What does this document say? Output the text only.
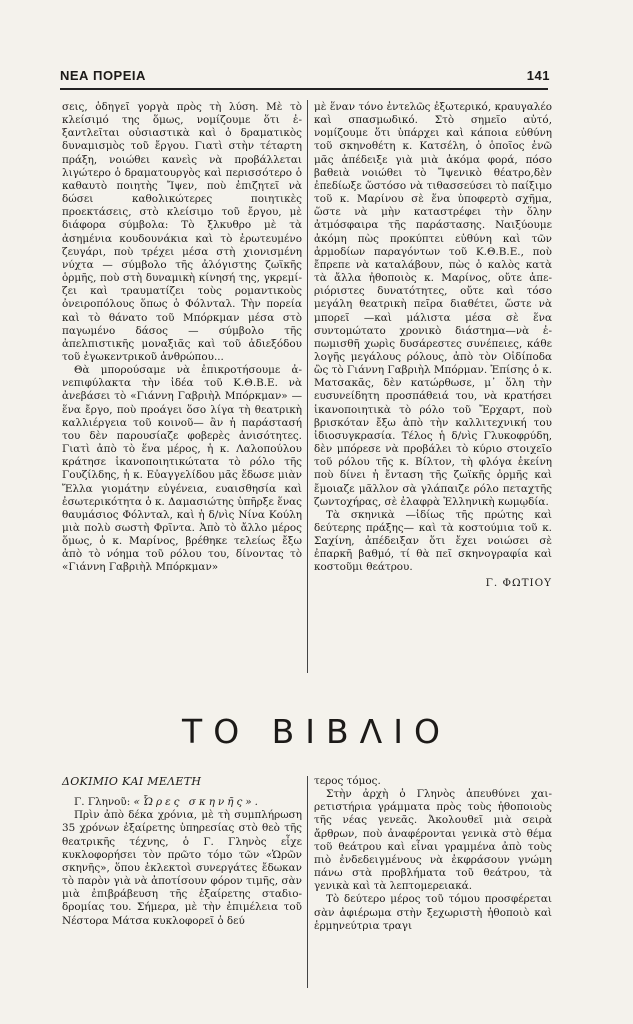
ΝΕΑ ΠΟΡΕΙΑ	141

σεις, ὁδηγεῖ γοργὰ πρὸς τὴ λύση. Μὲ τὸ κλείσιμό της ὅμως, νομίζουμε ὅτι ἐξαντλεῖται οὐσιαστικὰ καὶ ὁ δραματικὸς δυναμισμὸς τοῦ ἔργου. Γιατὶ στὴν τέταρτη πράξη, νοιώθει κανεὶς νὰ προβάλλεται λιγώτερο ὁ δραματουργὸς καὶ περισσότερο ὁ καθαυτὸ ποιητὴς Ἴψεν, ποὺ ἐπιζητεῖ νὰ δώσει καθολικώτερες ποιητικὲς προεκτάσεις, στὸ κλείσιμο τοῦ ἔργου, μὲ διάφορα σύμβολα: Τὸ ξλκυθρο μὲ τὰ ἀσημένια κουδουνάκια καὶ τὸ ἐρωτευμένο ζευγάρι, ποὺ τρέχει μέσα στὴ χιονισμένη νύχτα — σύμβολο τῆς ἀλόγιστης ζωϊκῆς ὁρμῆς, ποὺ στὴ δυναμικὴ κίνησή της, γκρεμίζει καὶ τραυματίζει τοὺς ρομαντικοὺς ὀνειροπόλους ὅπως ὁ Φόλνταλ. Τὴν πορεία καὶ τὸ θάνατο τοῦ Μπόρκμαν μέσα στὸ παγωμένο δάσος — σύμβολο τῆς ἀπελπιστικῆς μοναξιᾶς καὶ τοῦ ἀδιεξόδου τοῦ ἐγωκεντρικοῦ ἀνθρώπου...

Θὰ μπορούσαμε νὰ ἐπικροτήσουμε ἀνεπιφύλακτα τὴν ἰδέα τοῦ Κ.Θ.Β.Ε. νὰ ἀνεβάσει τὸ «Γιάννη Γαβριὴλ Μπόρκμαν» —ἕνα ἔργο, ποὺ προάγει ὅσο λίγα τὴ θεατρικὴ καλλιέργεια τοῦ κοινοῦ— ἂν ἡ παράστασή του δὲν παρουσίαζε φοβερὲς ἀνισότητες. Γιατὶ ἀπὸ τὸ ἕνα μέρος, ἡ κ. Λαλοπούλου κράτησε ἱκανοποιητικώτατα τὸ ρόλο τῆς Γουζίλδης, ἡ κ. Εὐαγγελίδου μᾶς ἔδωσε μιὰν Ἔλλα γιομάτην εὐγένεια, ευαισθησία καὶ ἐσωτερικότητα ὁ κ. Δαμασιώτης ὑπῆρξε ἕνας θαυμάσιος Φόλνταλ, καὶ ἡ δ/νὶς Νίνα Κούλη μιὰ πολὺ σωστὴ Φρῖντα. Ἀπὸ τὸ ἄλλο μέρος ὅμως, ὁ κ. Μαρίνος, βρέθηκε τελείως ἔξω ἀπὸ τὸ νόημα τοῦ ρόλου του, δίνοντας τὸ «Γιάννη Γαβριὴλ Μπόρκμαν»

μὲ ἕναν τόνο ἐντελῶς ἐξωτερικό, κραυγαλέο καὶ σπασμωδικό. Στὸ σημεῖο αὐτό, νομίζουμε ὅτι ὑπάρχει καὶ κάποια εὐθύνη τοῦ σκηνοθέτη κ. Κατσέλη, ὁ ὁποῖος ἐνῶ μᾶς ἀπέδειξε γιὰ μιὰ ἀκόμα φορά, πόσο βαθειὰ νοιώθει τὸ Ἴψενικὸ θέατρο,δὲν ἐπεδίωξε ὥστόσο νὰ τιθασσεύσει τὸ παίξιμο τοῦ κ. Μαρίνου σὲ ἕνα ὑποφερτὸ σχῆμα, ὥστε νὰ μὴν καταστρέφει τὴν ὅλην ἀτμόσφαιρα τῆς παράστασης. Ναιξύουμε ἀκόμη πὼς προκύπτει εὐθύνη καὶ τῶν ἁρμοδίων παραγόντων τοῦ Κ.Θ.Β.Ε., ποὺ ἔπρεπε νὰ καταλάβουν, πὼς ὁ καλὸς κατὰ τὰ ἄλλα ἠθοποιὸς κ. Μαρίνος, οὔτε ἀπεριόριστες δυνατότητες, οὔτε καὶ τόσο μεγάλη θεατρικὴ πεῖρα διαθέτει, ὥστε νὰ μπορεῖ —καὶ μάλιστα μέσα σὲ ἕνα συντομώτατο χρονικὸ διάστημα—νὰ ἐπωμισθῆ χωρὶς δυσάρεστες συνέπειες, κάθε λογῆς μεγάλους ρόλους, ἀπὸ τὸν Οἰδίποδα ὣς τὸ Γιάννη Γαβριὴλ Μπόρμαν. Ἐπίσης ὁ κ. Ματσακᾶς, δὲν κατώρθωσε, μ᾽ ὅλη τὴν ευσυνείδητη προσπάθειά του, νὰ κρατήσει ἱκανοποιητικὰ τὸ ρόλο τοῦ Ἔρχαρτ, ποὺ βρισκόταν ἔξω ἀπὸ τὴν καλλιτεχνική του ἰδιοσυγκρασία. Τέλος ἡ δ/νὶς Γλυκοφρύδη, δὲν μπόρεσε νὰ προβάλει τὸ κύριο στοιχεῖο τοῦ ρόλου τῆς κ. Βίλτον, τὴ φλόγα ἐκείνη ποὺ δίνει ἡ ἔνταση τῆς ζωϊκῆς ὁρμῆς καὶ ἔμοιαζε μᾶλλον σὰ γλάπαιζε ρόλο πεταχτῆς ζωντοχήρας, σὲ ἐλαφρὰ Ἑλληνικὴ κωμῳδία.

Τὰ σκηνικὰ —ἰδίως τῆς πρώτης καὶ δεύτερης πράξης— καὶ τὰ κοστούμια τοῦ κ. Σαχίνη, ἀπέδειξαν ὅτι ἔχει νοιώσει σὲ ἐπαρκῆ βαθμό, τί θὰ πεῖ σκηνογραφία καὶ κοστοῦμι θεάτρου.

Γ. ΦΩΤΙΟΥ
ΤΟ ΒΙΒΛΙΟ

ΔΟΚΙΜΙΟ ΚΑΙ ΜΕΛΕΤΗ

Γ. Γληνοῦ: «Ὧρες σκηνῆς».

Πρὶν ἀπὸ δέκα χρόνια, μὲ τὴ συμπλήρωση 35 χρόνων ἐξαίρετης ὑπηρεσίας στὸ θεὸ τῆς θεατρικῆς τέχνης, ὁ Γ. Γληνὸς εἶχε κυκλοφορήσει τὸν πρῶτο τόμο τῶν «Ὡρῶν σκηνῆς», ὅπου ἐκλεκτοὶ συνεργάτες ἔδωκαν τὸ παρὸν γιὰ νὰ ἀποτίσουν φόρον τιμῆς, σὰν μιὰ ἐπιβράβευση τῆς ἐξαίρετης σταδιοδρομίας του. Σήμερα, μὲ τὴν ἐπιμέλεια τοῦ Νέστορα Μάτσα κυκλοφορεῖ ὁ δεύ

τερος τόμος.

Στὴν ἀρχὴ ὁ Γληνὸς ἀπευθύνει χαιρετιστήρια γράμματα πρὸς τοὺς ἠθοποιοὺς τῆς νέας γενεᾶς. Ἀκολουθεῖ μιὰ σειρὰ ἄρθρων, ποὺ ἀναφέρονται γενικὰ στὸ θέμα τοῦ θεάτρου καὶ εἶναι γραμμένα ἀπὸ τοὺς πιὸ ἐνδεδειγμένους νὰ ἐκφράσουν γνώμη πάνω στὰ προβλήματα τοῦ θεάτρου, τὰ γενικὰ καὶ τὰ λεπτομερειακά.

Τὸ δεύτερο μέρος τοῦ τόμου προσφέρεται σὰν ἀφιέρωμα στὴν ξεχωριστὴ ἠθοποιὸ καὶ ἑρμηνεύτρια τραγι
